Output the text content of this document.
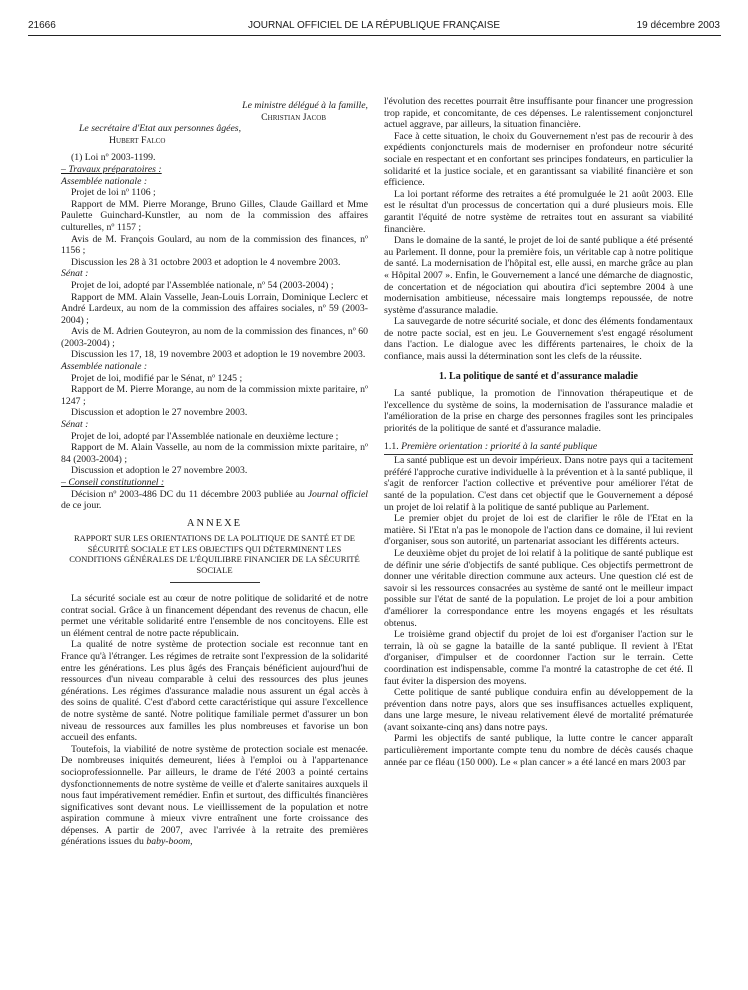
21666	JOURNAL OFFICIEL DE LA RÉPUBLIQUE FRANÇAISE	19 décembre 2003

Le ministre délégué à la famille,

Christian Jacob

Le secrétaire d'Etat aux personnes âgées,

Hubert Falco

(1) Loi nº 2003-1199.

– Travaux préparatoires :

Assemblée nationale :

Projet de loi nº 1106 ;

Rapport de MM. Pierre Morange, Bruno Gilles, Claude Gaillard et Mme Paulette Guinchard-Kunstler, au nom de la commission des affaires culturelles, nº 1157 ;

Avis de M. François Goulard, au nom de la commission des finances, nº 1156 ;

Discussion les 28 à 31 octobre 2003 et adoption le 4 novembre 2003.

Sénat :

Projet de loi, adopté par l'Assemblée nationale, nº 54 (2003-2004) ;

Rapport de MM. Alain Vasselle, Jean-Louis Lorrain, Dominique Leclerc et André Lardeux, au nom de la commission des affaires sociales, nº 59 (2003-2004) ;

Avis de M. Adrien Gouteyron, au nom de la commission des finances, nº 60 (2003-2004) ;

Discussion les 17, 18, 19 novembre 2003 et adoption le 19 novembre 2003.

Assemblée nationale :

Projet de loi, modifié par le Sénat, nº 1245 ;

Rapport de M. Pierre Morange, au nom de la commission mixte paritaire, nº 1247 ;

Discussion et adoption le 27 novembre 2003.

Sénat :

Projet de loi, adopté par l'Assemblée nationale en deuxième lecture ;

Rapport de M. Alain Vasselle, au nom de la commission mixte paritaire, nº 84 (2003-2004) ;

Discussion et adoption le 27 novembre 2003.

– Conseil constitutionnel :

Décision nº 2003-486 DC du 11 décembre 2003 publiée au Journal officiel de ce jour.

ANNEXE

RAPPORT SUR LES ORIENTATIONS DE LA POLITIQUE DE SANTÉ ET DE SÉCURITÉ SOCIALE ET LES OBJECTIFS QUI DÉTERMINENT LES CONDITIONS GÉNÉRALES DE L'ÉQUILIBRE FINANCIER DE LA SÉCURITÉ SOCIALE

La sécurité sociale est au cœur de notre politique de solidarité et de notre contrat social. Grâce à un financement dépendant des revenus de chacun, elle permet une véritable solidarité entre l'ensemble de nos concitoyens. Elle est un élément central de notre pacte républicain.

La qualité de notre système de protection sociale est reconnue tant en France qu'à l'étranger. Les régimes de retraite sont l'expression de la solidarité entre les générations. Les plus âgés des Français bénéficient aujourd'hui de ressources d'un niveau comparable à celui des ressources des plus jeunes générations. Les régimes d'assurance maladie nous assurent un égal accès à des soins de qualité. C'est d'abord cette caractéristique qui assure l'excellence de notre système de santé. Notre politique familiale permet d'assurer un bon niveau de ressources aux familles les plus nombreuses et favorise un bon accueil des enfants.

Toutefois, la viabilité de notre système de protection sociale est menacée. De nombreuses iniquités demeurent, liées à l'emploi ou à l'appartenance socioprofessionnelle. Par ailleurs, le drame de l'été 2003 a pointé certains dysfonctionnements de notre système de veille et d'alerte sanitaires auxquels il nous faut impérativement remédier. Enfin et surtout, des difficultés financières significatives sont devant nous. Le vieillissement de la population et notre aspiration commune à mieux vivre entraînent une forte croissance des dépenses. A partir de 2007, avec l'arrivée à la retraite des premières générations issues du baby-boom,

l'évolution des recettes pourrait être insuffisante pour financer une progression trop rapide, et concomitante, de ces dépenses. Le ralentissement conjoncturel actuel aggrave, par ailleurs, la situation financière.

Face à cette situation, le choix du Gouvernement n'est pas de recourir à des expédients conjoncturels mais de moderniser en profondeur notre sécurité sociale en respectant et en confortant ses principes fondateurs, en particulier la solidarité et la justice sociale, et en garantissant sa viabilité financière et son efficience.

La loi portant réforme des retraites a été promulguée le 21 août 2003. Elle est le résultat d'un processus de concertation qui a duré plusieurs mois. Elle garantit l'équité de notre système de retraites tout en assurant sa viabilité financière.

Dans le domaine de la santé, le projet de loi de santé publique a été présenté au Parlement. Il donne, pour la première fois, un véritable cap à notre politique de santé. La modernisation de l'hôpital est, elle aussi, en marche grâce au plan « Hôpital 2007 ». Enfin, le Gouvernement a lancé une démarche de diagnostic, de concertation et de négociation qui aboutira d'ici septembre 2004 à une modernisation ambitieuse, nécessaire mais longtemps repoussée, de notre système d'assurance maladie.

La sauvegarde de notre sécurité sociale, et donc des éléments fondamentaux de notre pacte social, est en jeu. Le Gouvernement s'est engagé résolument dans l'action. Le dialogue avec les différents partenaires, le choix de la confiance, mais aussi la détermination sont les clefs de la réussite.

1. La politique de santé et d'assurance maladie

La santé publique, la promotion de l'innovation thérapeutique et de l'excellence du système de soins, la modernisation de l'assurance maladie et l'amélioration de la prise en charge des personnes fragiles sont les principales priorités de la politique de santé et d'assurance maladie.

1.1. Première orientation : priorité à la santé publique

La santé publique est un devoir impérieux. Dans notre pays qui a tacitement préféré l'approche curative individuelle à la prévention et à la santé publique, il s'agit de renforcer l'action collective et préventive pour améliorer l'état de santé de la population. C'est dans cet objectif que le Gouvernement a déposé un projet de loi relatif à la politique de santé publique au Parlement.

Le premier objet du projet de loi est de clarifier le rôle de l'Etat en la matière. Si l'Etat n'a pas le monopole de l'action dans ce domaine, il lui revient d'organiser, sous son autorité, un partenariat associant les différents acteurs.

Le deuxième objet du projet de loi relatif à la politique de santé publique est de définir une série d'objectifs de santé publique. Ces objectifs permettront de donner une véritable direction commune aux acteurs. Une question clé est de savoir si les ressources consacrées au système de santé ont le meilleur impact possible sur l'état de santé de la population. Le projet de loi a pour ambition d'améliorer la correspondance entre les moyens engagés et les résultats obtenus.

Le troisième grand objectif du projet de loi est d'organiser l'action sur le terrain, là où se gagne la bataille de la santé publique. Il revient à l'Etat d'organiser, d'impulser et de coordonner l'action sur le terrain. Cette coordination est indispensable, comme l'a montré la catastrophe de cet été. Il faut éviter la dispersion des moyens.

Cette politique de santé publique conduira enfin au développement de la prévention dans notre pays, alors que ses insuffisances actuelles expliquent, dans une large mesure, le niveau relativement élevé de mortalité prématurée (avant soixante-cinq ans) dans notre pays.

Parmi les objectifs de santé publique, la lutte contre le cancer apparaît particulièrement importante compte tenu du nombre de décès causés chaque année par ce fléau (150 000). Le « plan cancer » a été lancé en mars 2003 par
